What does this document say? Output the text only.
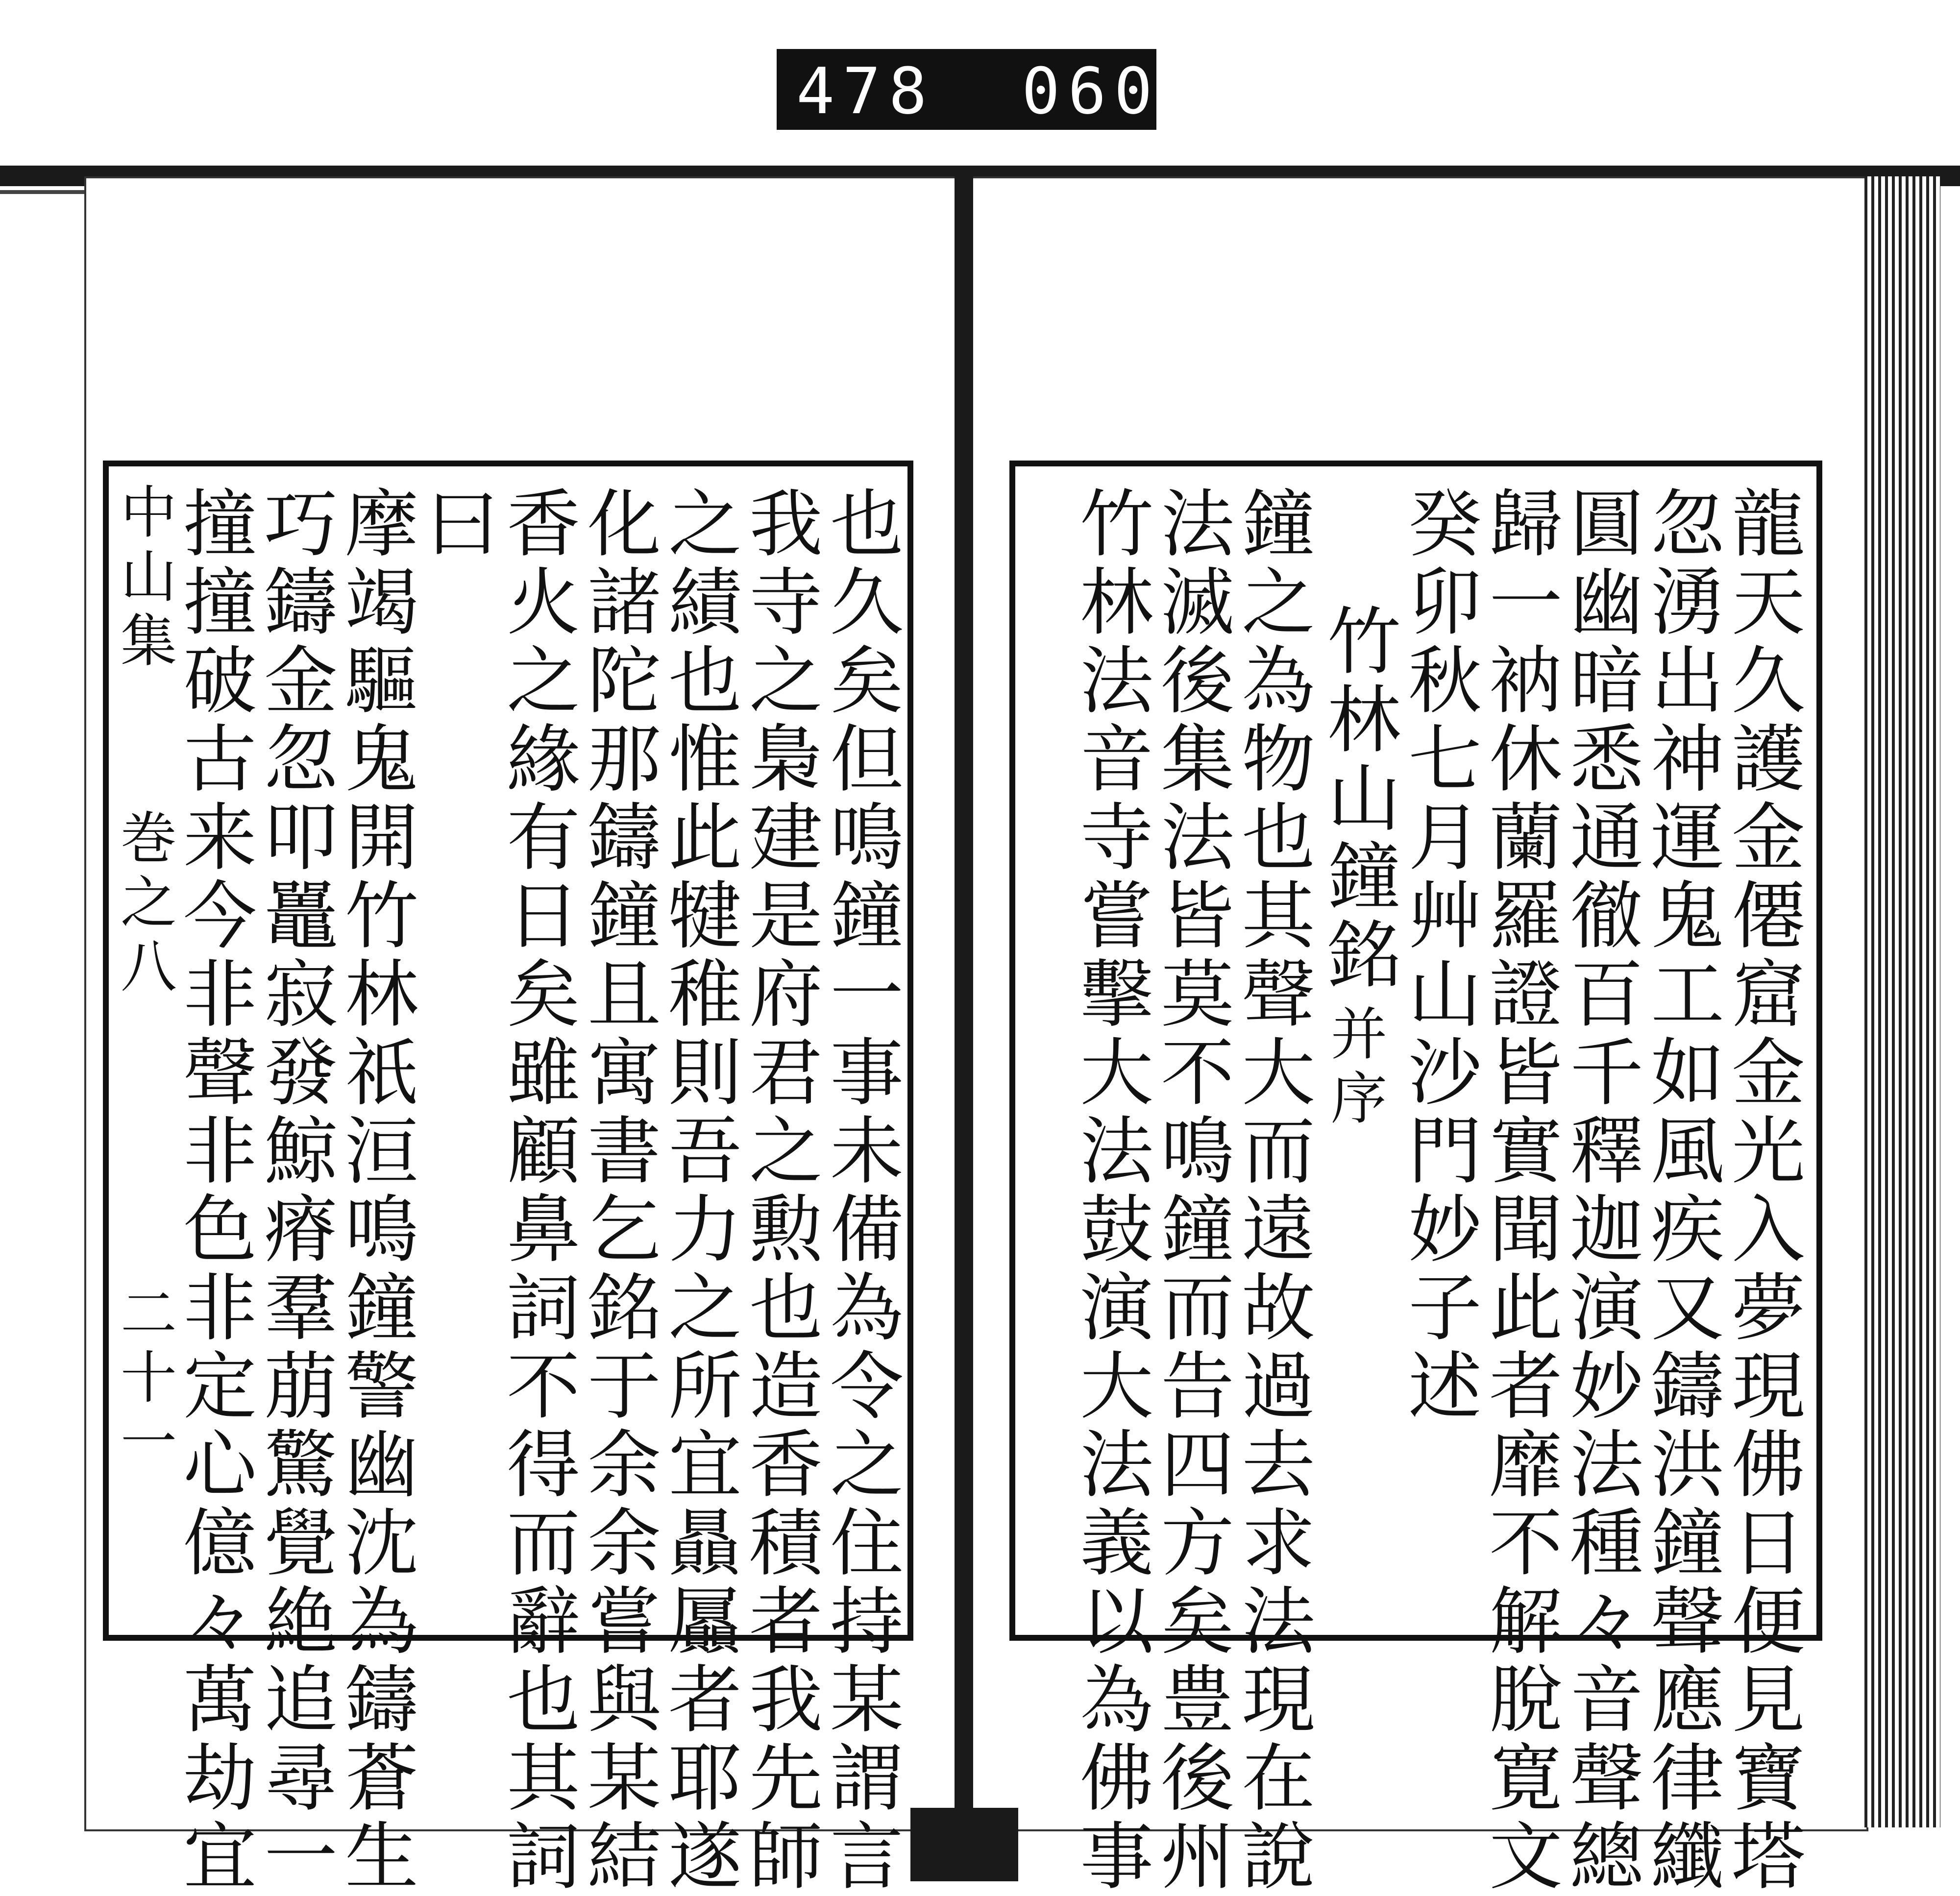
478 060
中山集
巻之八
二十一	也久矣但鳴鐘一事未備為令之住持某謂言
我寺之梟建是府君之勲也造香積者我先師
之績也惟此犍稚則吾力之所宜贔屭者耶遂
化諸陀那鑄鐘且寓書乞銘于余余嘗與某結
香火之緣有日矣雖顧鼻詞不得而辭也其詞
曰
摩竭驅鬼開竹林祇洹鳴鐘警幽沈為鑄蒼生
巧鑄金忽叩鼉寂發鯨瘠羣萠驚覺絶追尋一
撞撞破古来今非聲非色非定心億々萬劫宜	龍天久護金僊窟金光入夢現佛日便見寶塔
忽湧出神運鬼工如風疾又鑄洪鐘聲應律纖
圓幽暗悉通徹百千釋迦演妙法種々音聲總
歸一衲休蘭羅證皆實聞此者靡不解脫寛文
癸卯秋七月艸山沙門妙子述
竹林山鐘銘
并序
鐘之為物也其聲大而遠故過去求法現在說
法滅後集法皆莫不鳴鐘而告四方矣豊後州
竹林法音寺嘗擊大法鼓演大法義以為佛事
